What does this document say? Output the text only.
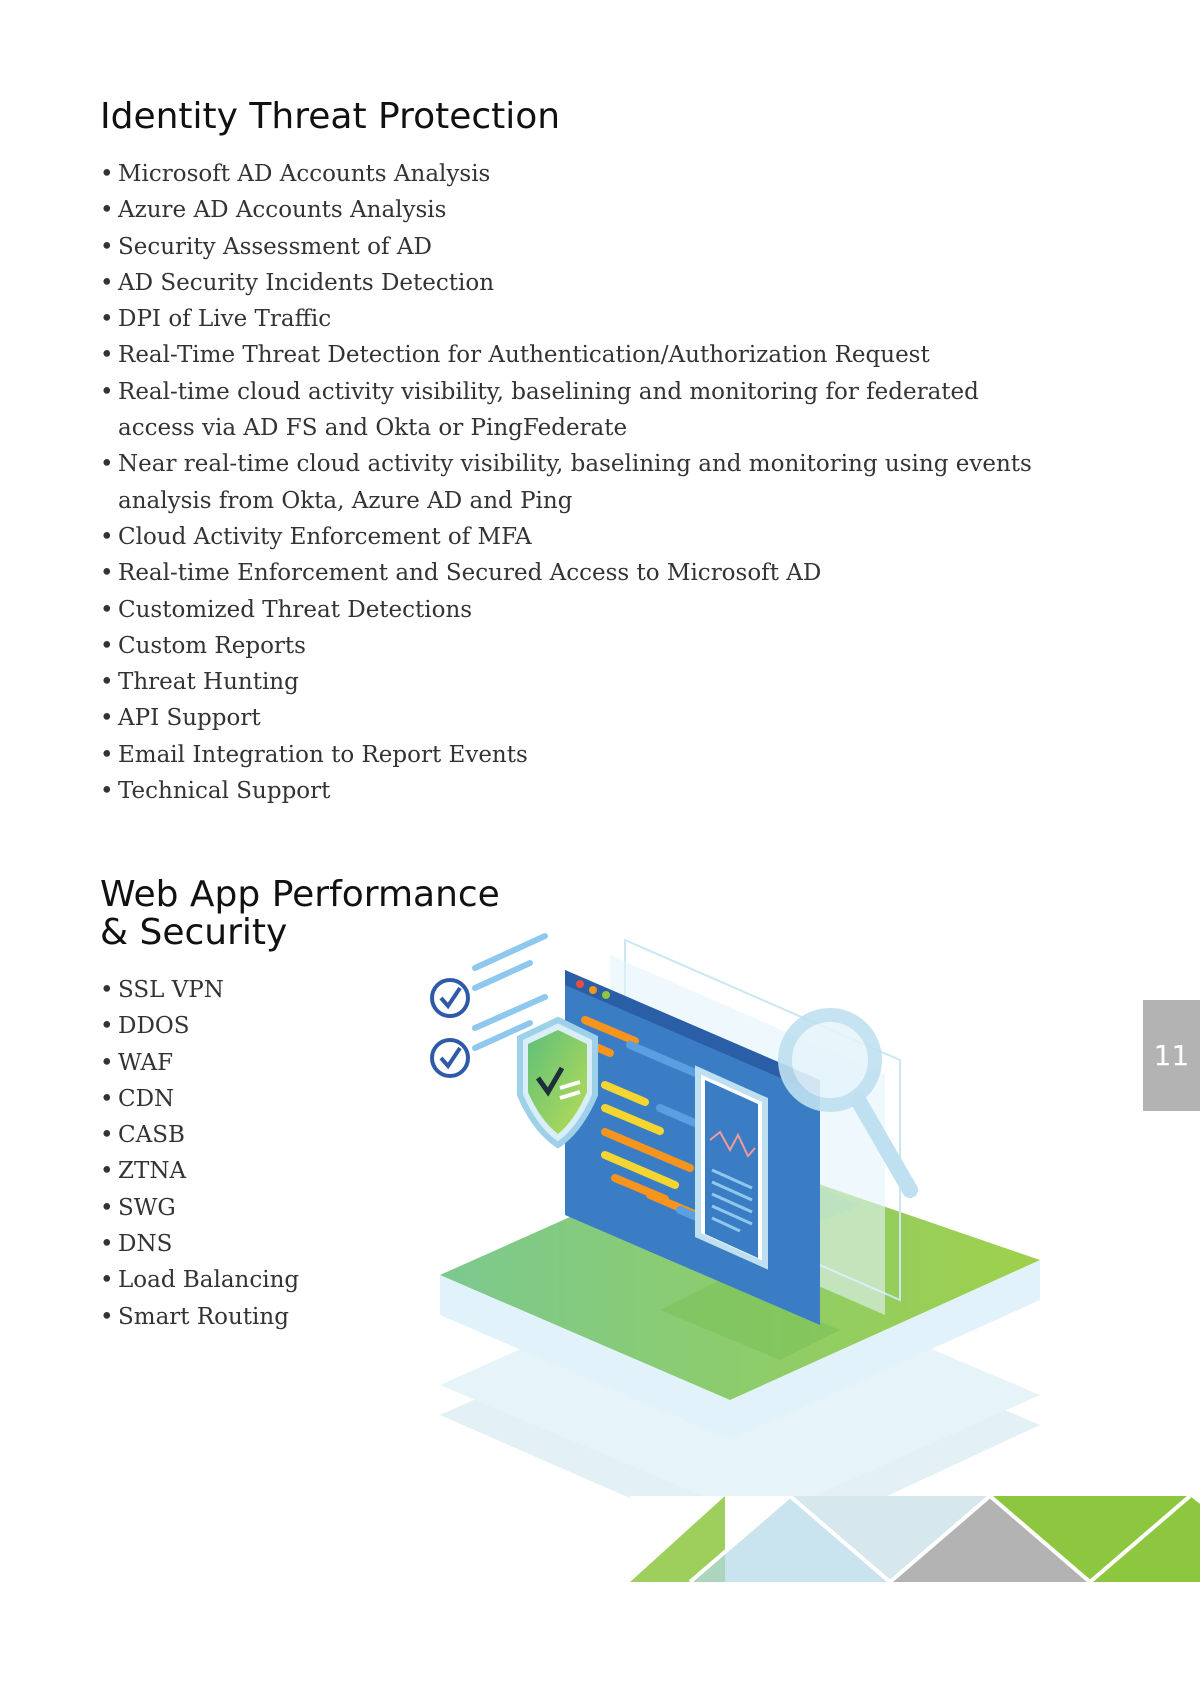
Identity Threat Protection
• Microsoft AD Accounts Analysis
• Azure AD Accounts Analysis
• Security Assessment of AD
• AD Security Incidents Detection
• DPI of Live Traffic
• Real-Time Threat Detection for Authentication/Authorization Request
• Real-time cloud activity visibility, baselining and monitoring for federated access via AD FS and Okta or PingFederate
• Near real-time cloud activity visibility, baselining and monitoring using events analysis from Okta, Azure AD and Ping
• Cloud Activity Enforcement of MFA
• Real-time Enforcement and Secured Access to Microsoft AD
• Customized Threat Detections
• Custom Reports
• Threat Hunting
• API Support
• Email Integration to Report Events
• Technical Support
Web App Performance
& Security
• SSL VPN
• DDOS
• WAF
• CDN
• CASB
• ZTNA
• SWG
• DNS
• Load Balancing
• Smart Routing
11
